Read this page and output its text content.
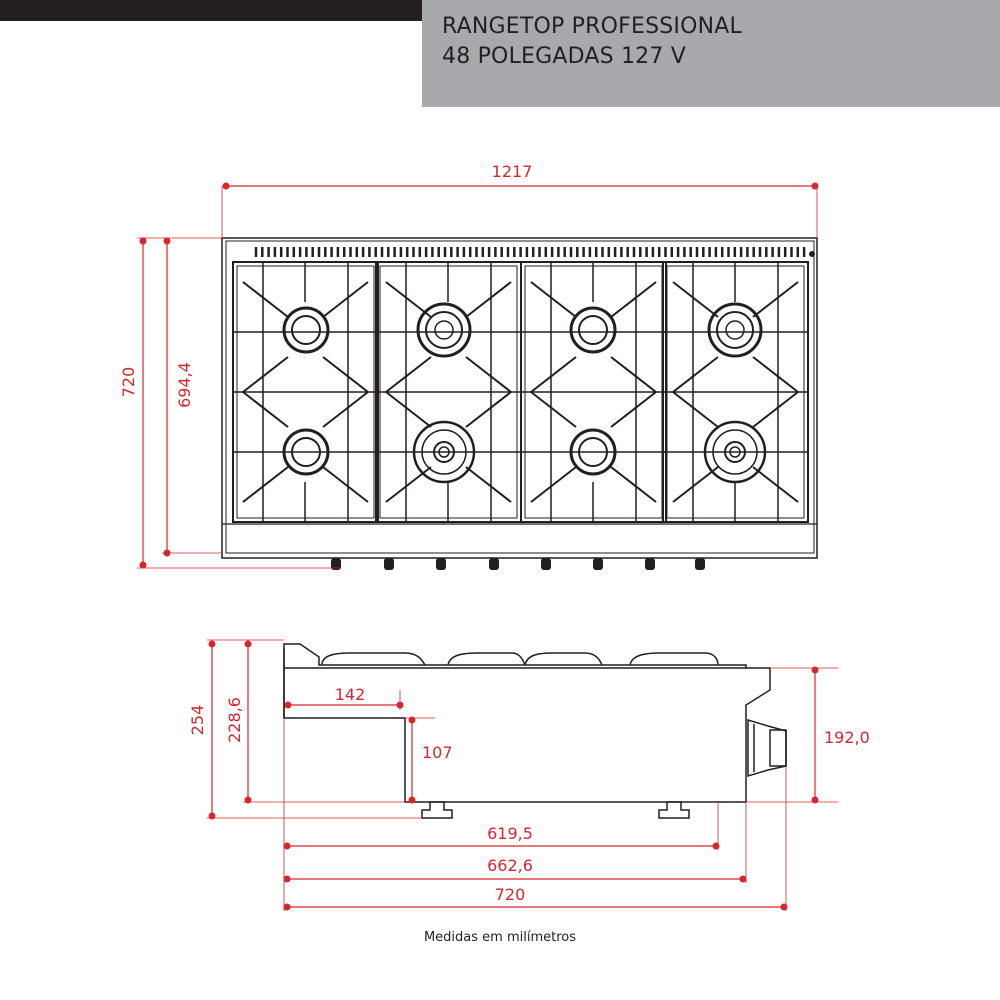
RANGETOP PROFESSIONAL
48 POLEGADAS 127 V
1217
720 694,4
254 228,6
142
107
192,0
619,5
662,6
720
Medidas em milímetros
